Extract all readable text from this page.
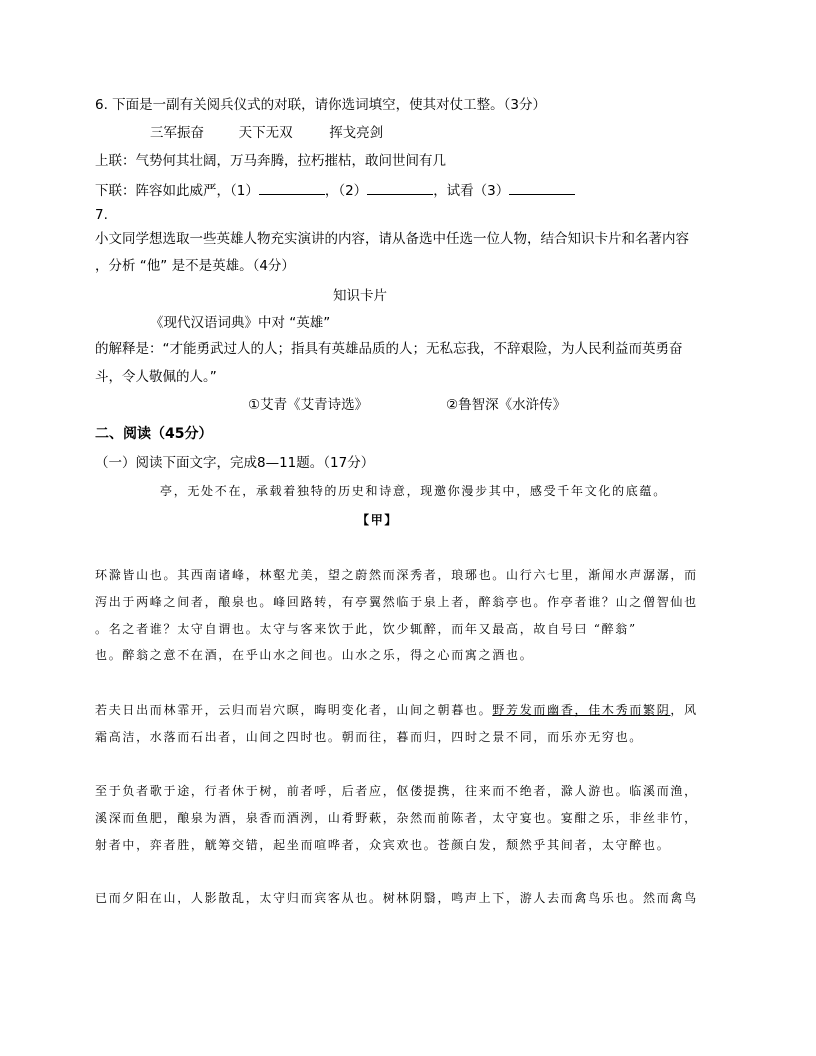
6. 下面是一副有关阅兵仪式的对联，请你选词填空，使其对仗工整。（3分）
三军振奋	天下无双	挥戈亮剑
上联：气势何其壮阔，万马奔腾，拉朽摧枯，敢问世间有几
下联：阵容如此威严，（1）	，（2）	，试看（3）
7.
小文同学想选取一些英雄人物充实演讲的内容，请从备选中任选一位人物，结合知识卡片和名著内容
，分析 “他” 是不是英雄。（4分）
知识卡片
《现代汉语词典》中对 “英雄”
的解释是：“才能勇武过人的人；指具有英雄品质的人；无私忘我，不辞艰险，为人民利益而英勇奋
斗，令人敬佩的人。”
①艾青《艾青诗选》	②鲁智深《水浒传》
二、阅读（45分）
（一）阅读下面文字，完成8—11题。（17分）
亭，无处不在，承载着独特的历史和诗意，现邀你漫步其中，感受千年文化的底蕴。
【甲】
环滁皆山也。其西南诸峰，林壑尤美，望之蔚然而深秀者，琅琊也。山行六七里，渐闻水声潺潺，而
泻出于两峰之间者，酿泉也。峰回路转，有亭翼然临于泉上者，醉翁亭也。作亭者谁？山之僧智仙也
。名之者谁？太守自谓也。太守与客来饮于此，饮少辄醉，而年又最高，故自号曰 “醉翁”
也。醉翁之意不在酒，在乎山水之间也。山水之乐，得之心而寓之酒也。
若夫日出而林霏开，云归而岩穴暝，晦明变化者，山间之朝暮也。野芳发而幽香，佳木秀而繁阴，风
霜高洁，水落而石出者，山间之四时也。朝而往，暮而归，四时之景不同，而乐亦无穷也。
至于负者歌于途，行者休于树，前者呼，后者应，伛偻提携，往来而不绝者，滁人游也。临溪而渔，
溪深而鱼肥，酿泉为酒，泉香而酒洌，山肴野蔌，杂然而前陈者，太守宴也。宴酣之乐，非丝非竹，
射者中，弈者胜，觥筹交错，起坐而喧哗者，众宾欢也。苍颜白发，颓然乎其间者，太守醉也。
已而夕阳在山，人影散乱，太守归而宾客从也。树林阴翳，鸣声上下，游人去而禽鸟乐也。然而禽鸟
